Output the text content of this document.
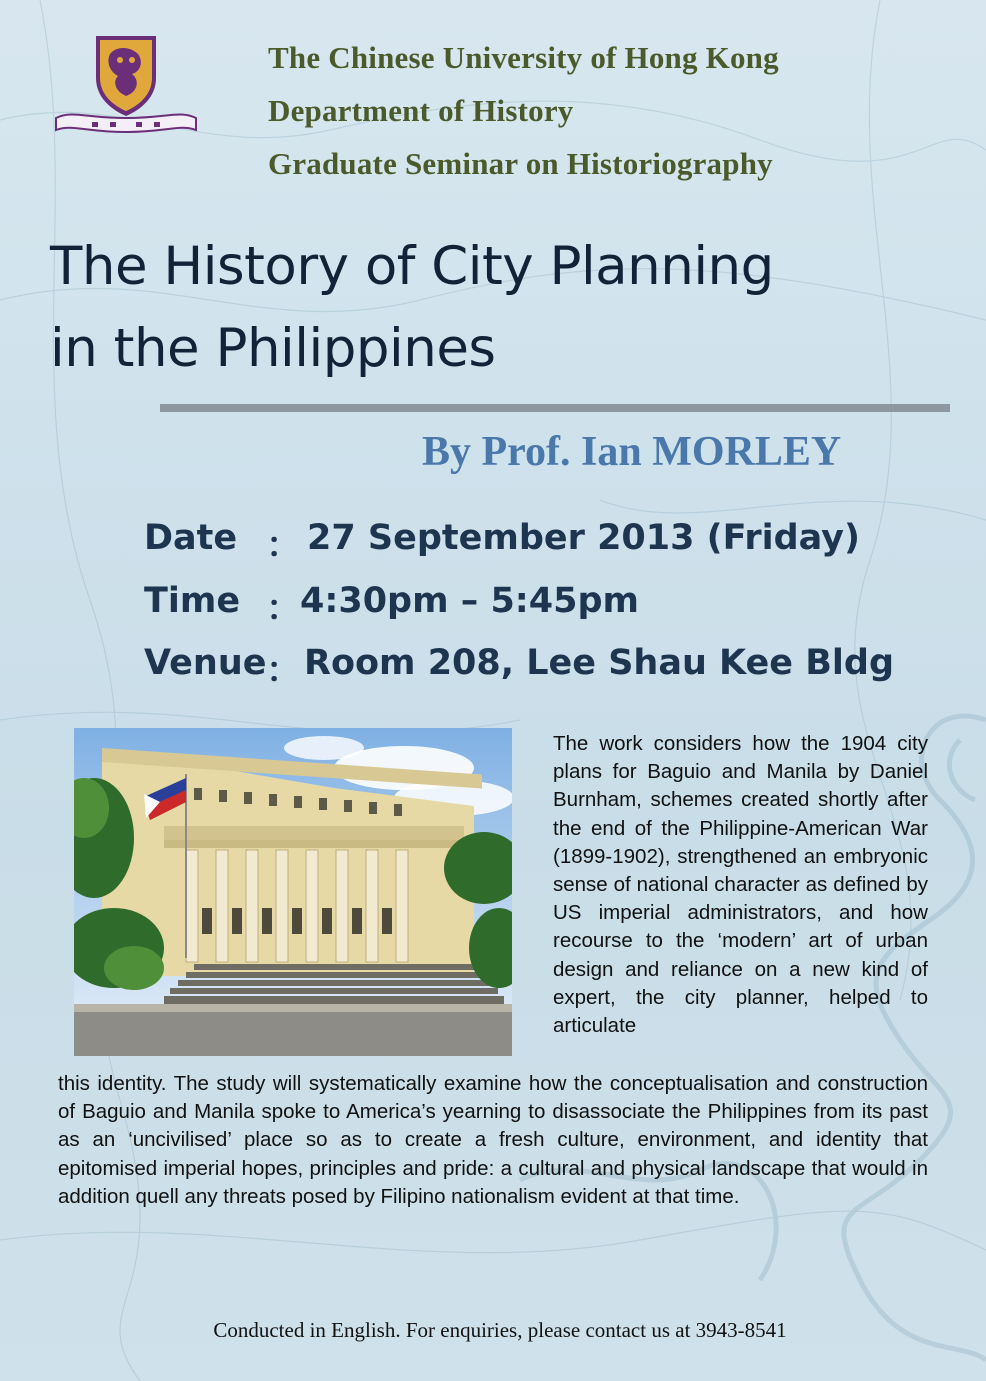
The Chinese University of Hong Kong
Department of History
Graduate Seminar on Historiography
The History of City Planning
in the Philippines
By Prof. Ian MORLEY
Date ： 27 September 2013 (Friday)
Time ：
4:30pm – 5:45pm
Venue ： Room 208, Lee Shau Kee Bldg
The work considers how the 1904 city plans for Baguio and Manila by Daniel Burnham, schemes created shortly after the end of the Philippine-American War (1899-1902), strengthened an embryonic sense of national character as defined by US imperial administrators, and how recourse to the ‘modern’ art of urban design and reliance on a new kind of expert, the city planner, helped to articulate
this identity. The study will systematically examine how the conceptualisation and construction of Baguio and Manila spoke to America’s yearning to disassociate the Philippines from its past as an ‘uncivilised’ place so as to create a fresh culture, environment, and identity that epitomised imperial hopes, principles and pride: a cultural and physical landscape that would in addition quell any threats posed by Filipino nationalism evident at that time.
Conducted in English. For enquiries, please contact us at 3943-8541
